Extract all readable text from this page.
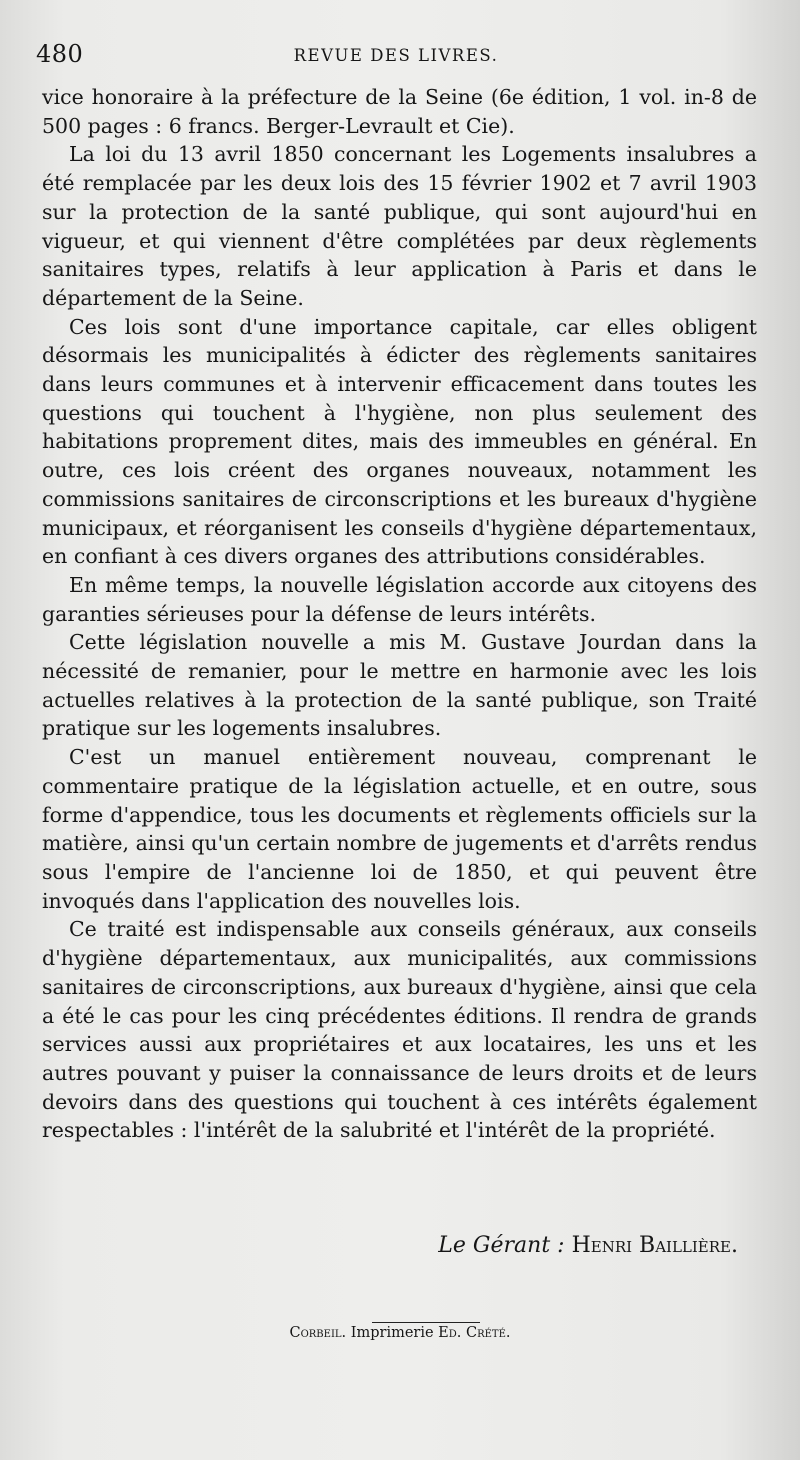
480	REVUE DES LIVRES.

vice honoraire à la préfecture de la Seine (6e édition, 1 vol. in-8 de 500 pages : 6 francs. Berger-Levrault et Cie).

La loi du 13 avril 1850 concernant les Logements insalubres a été remplacée par les deux lois des 15 février 1902 et 7 avril 1903 sur la protection de la santé publique, qui sont aujourd'hui en vigueur, et qui viennent d'être complétées par deux règlements sanitaires types, relatifs à leur application à Paris et dans le département de la Seine.

Ces lois sont d'une importance capitale, car elles obligent désormais les municipalités à édicter des règlements sanitaires dans leurs communes et à intervenir efficacement dans toutes les questions qui touchent à l'hygiène, non plus seulement des habitations proprement dites, mais des immeubles en général. En outre, ces lois créent des organes nouveaux, notamment les commissions sanitaires de circonscriptions et les bureaux d'hygiène municipaux, et réorganisent les conseils d'hygiène départementaux, en confiant à ces divers organes des attributions considérables.

En même temps, la nouvelle législation accorde aux citoyens des garanties sérieuses pour la défense de leurs intérêts.

Cette législation nouvelle a mis M. Gustave Jourdan dans la nécessité de remanier, pour le mettre en harmonie avec les lois actuelles relatives à la protection de la santé publique, son Traité pratique sur les logements insalubres.

C'est un manuel entièrement nouveau, comprenant le commentaire pratique de la législation actuelle, et en outre, sous forme d'appendice, tous les documents et règlements officiels sur la matière, ainsi qu'un certain nombre de jugements et d'arrêts rendus sous l'empire de l'ancienne loi de 1850, et qui peuvent être invoqués dans l'application des nouvelles lois.

Ce traité est indispensable aux conseils généraux, aux conseils d'hygiène départementaux, aux municipalités, aux commissions sanitaires de circonscriptions, aux bureaux d'hygiène, ainsi que cela a été le cas pour les cinq précédentes éditions. Il rendra de grands services aussi aux propriétaires et aux locataires, les uns et les autres pouvant y puiser la connaissance de leurs droits et de leurs devoirs dans des questions qui touchent à ces intérêts également respectables : l'intérêt de la salubrité et l'intérêt de la propriété.

Le Gérant : Henri Baillière.
Corbeil. Imprimerie Ed. Crété.
